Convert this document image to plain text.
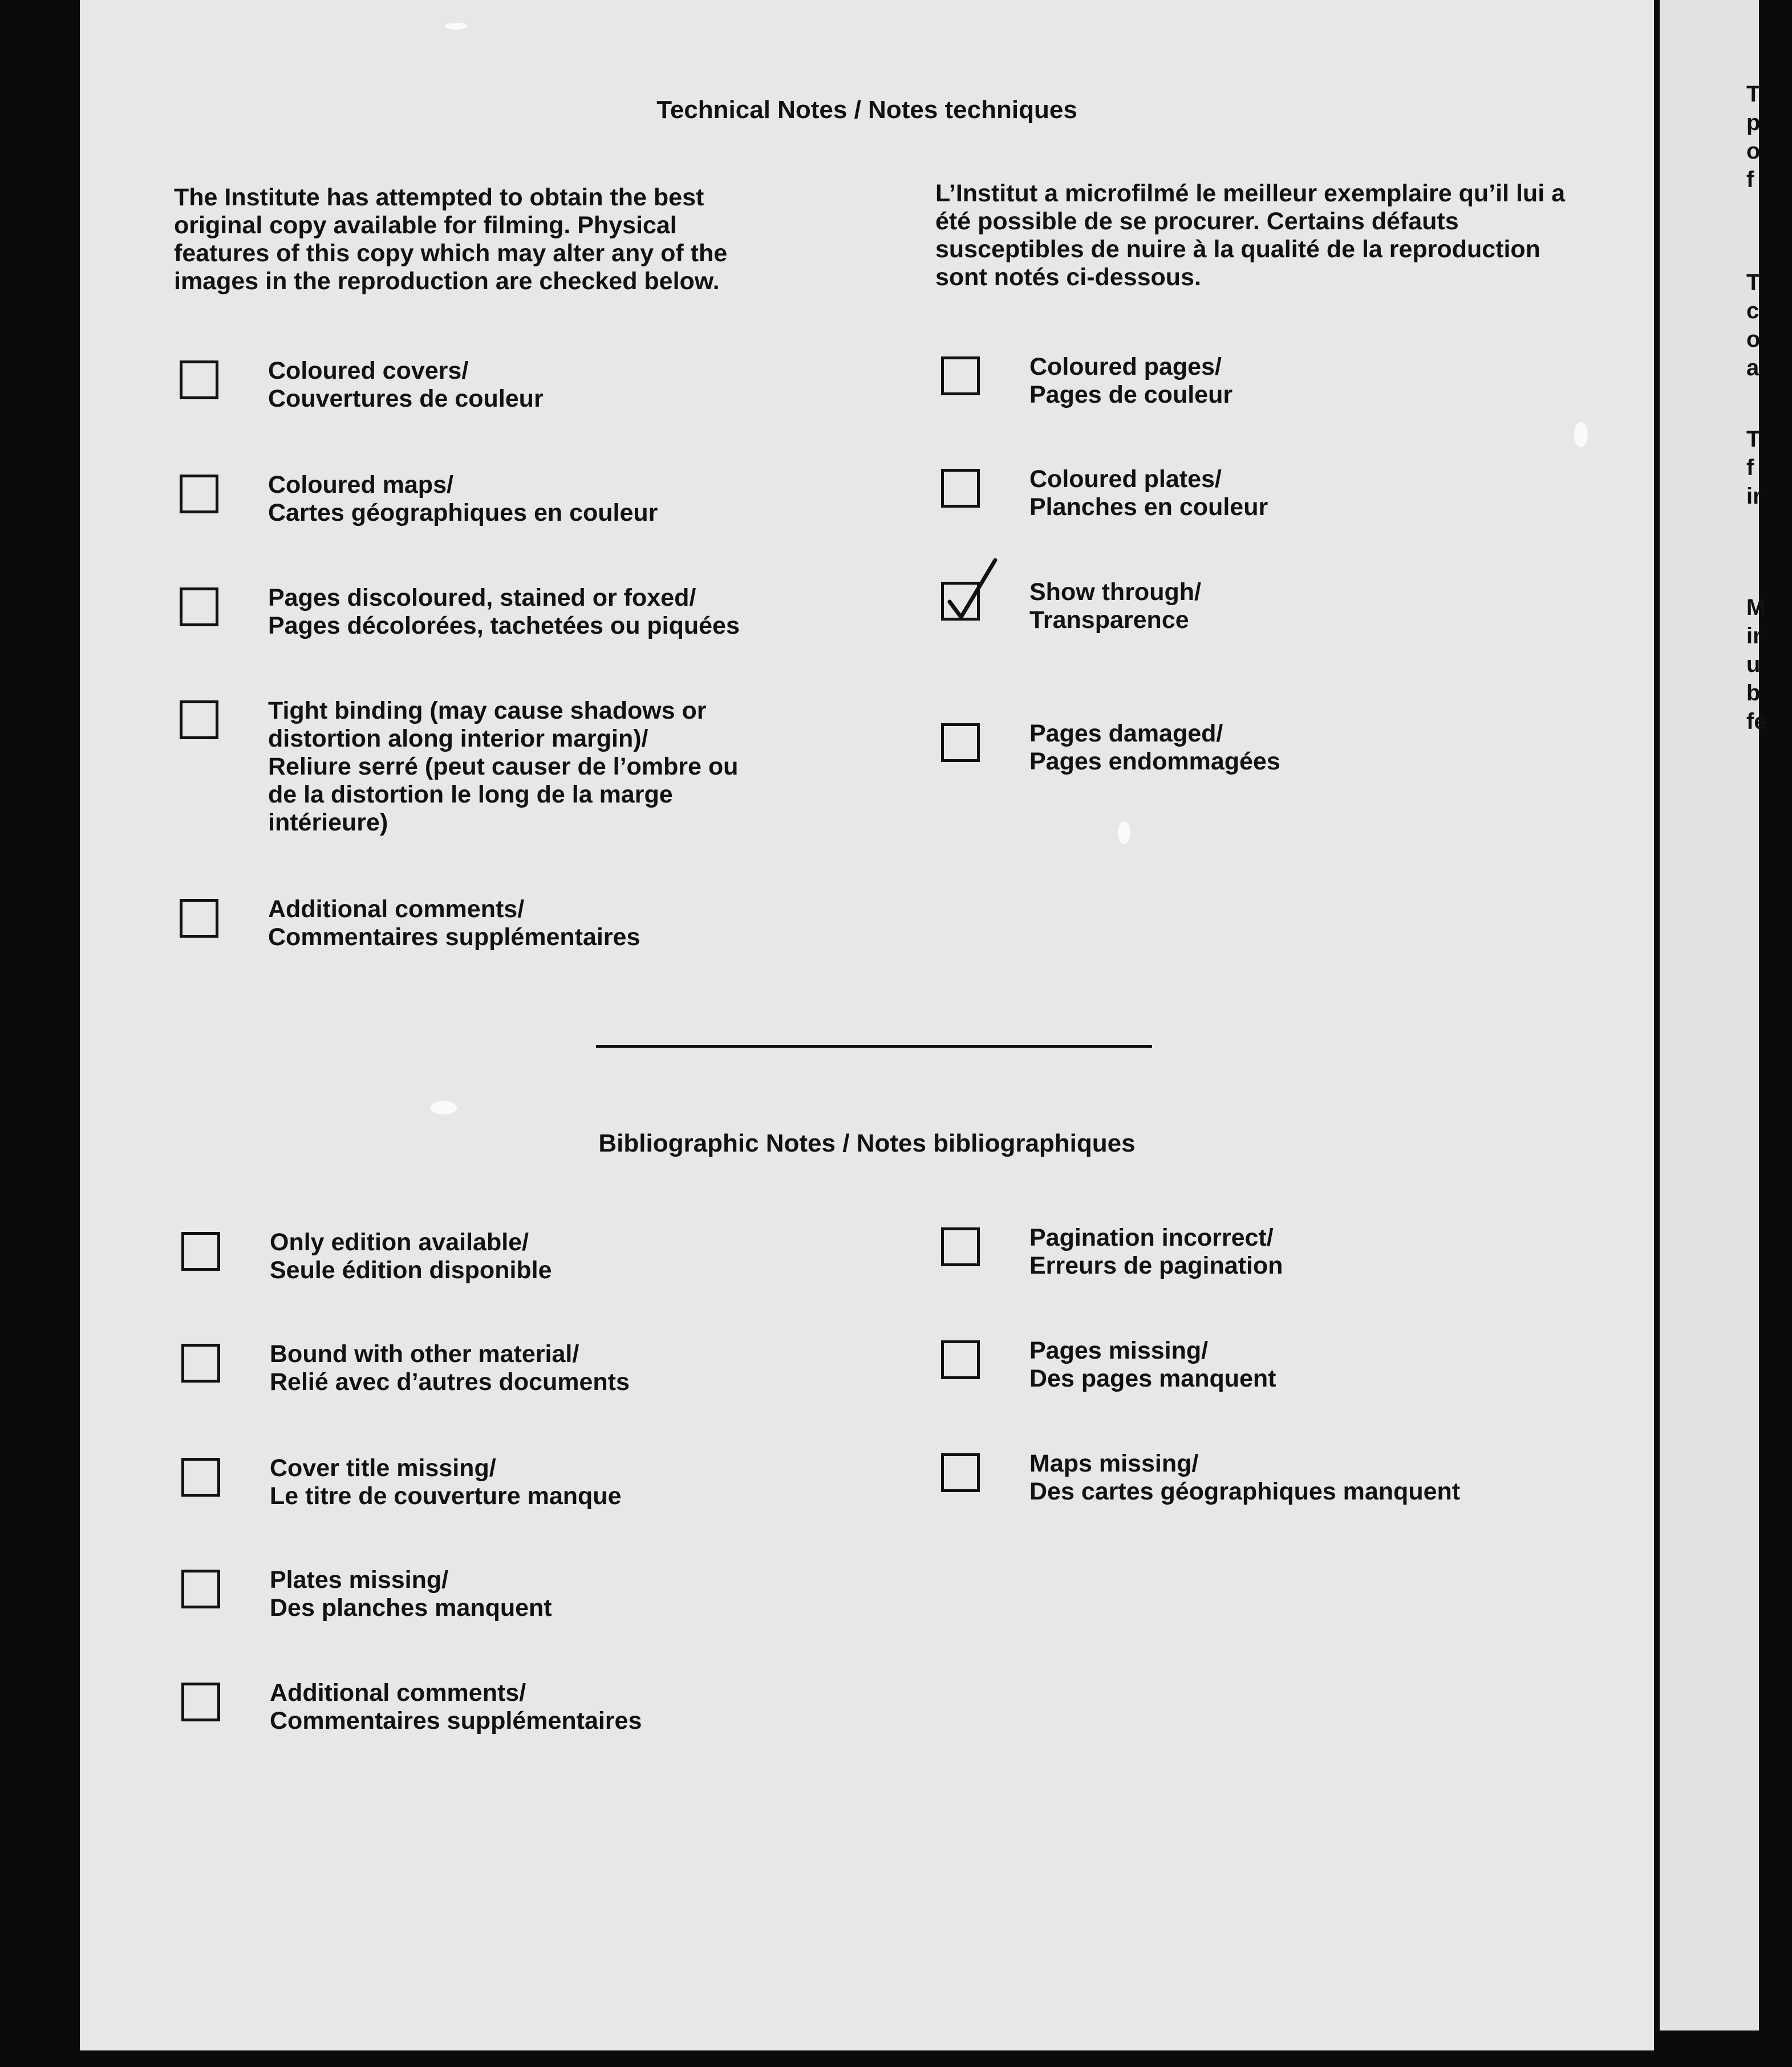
Technical Notes / Notes techniques
The Institute has attempted to obtain the best original copy available for filming. Physical features of this copy which may alter any of the images in the reproduction are checked below.
L’Institut a microfilmé le meilleur exemplaire qu’il lui a été possible de se procurer. Certains défauts susceptibles de nuire à la qualité de la reproduction sont notés ci-dessous.
Coloured covers/
Couvertures de couleur
Coloured maps/
Cartes géographiques en couleur
Pages discoloured, stained or foxed/
Pages décolorées, tachetées ou piquées
Tight binding (may cause shadows or
distortion along interior margin)/
Reliure serré (peut causer de l’ombre ou
de la distortion le long de la marge
intérieure)
Additional comments/
Commentaires supplémentaires
Coloured pages/
Pages de couleur
Coloured plates/
Planches en couleur
Show through/
Transparence
Pages damaged/
Pages endommagées
Bibliographic Notes / Notes bibliographiques
Only edition available/
Seule édition disponible
Bound with other material/
Relié avec d’autres documents
Cover title missing/
Le titre de couverture manque
Plates missing/
Des planches manquent
Additional comments/
Commentaires supplémentaires
Pagination incorrect/
Erreurs de pagination
Pages missing/
Des pages manquent
Maps missing/
Des cartes géographiques manquent
T
p
o
f
T
c
o
a
T
f
ir
M
ir
u
b
fe
